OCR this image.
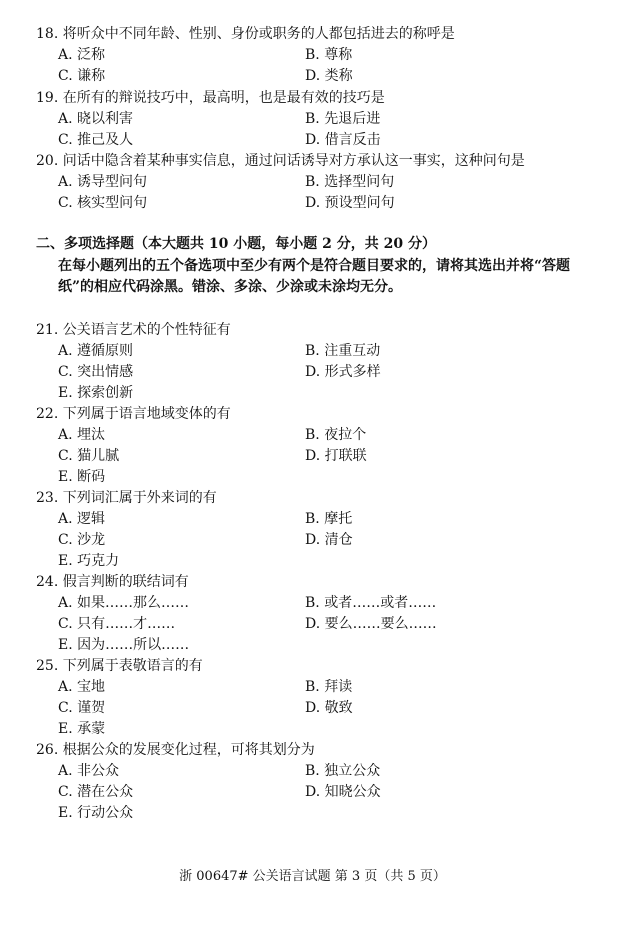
18. 将听众中不同年龄、性别、身份或职务的人都包括进去的称呼是
A. 泛称	B. 尊称
C. 谦称	D. 类称
19. 在所有的辩说技巧中，最高明，也是最有效的技巧是
A. 晓以利害	B. 先退后进
C. 推己及人	D. 借言反击
20. 问话中隐含着某种事实信息，通过问话诱导对方承认这一事实，这种问句是
A. 诱导型问句	B. 选择型问句
C. 核实型问句	D. 预设型问句
二、多项选择题（本大题共 10 小题，每小题 2 分，共 20 分）
在每小题列出的五个备选项中至少有两个是符合题目要求的，请将其选出并将“答题
纸”的相应代码涂黑。错涂、多涂、少涂或未涂均无分。
21. 公关语言艺术的个性特征有
A. 遵循原则	B. 注重互动
C. 突出情感	D. 形式多样
E. 探索创新
22. 下列属于语言地域变体的有
A. 埋汰	B. 夜拉个
C. 猫儿腻	D. 打联联
E. 断码
23. 下列词汇属于外来词的有
A. 逻辑	B. 摩托
C. 沙龙	D. 清仓
E. 巧克力
24. 假言判断的联结词有
A. 如果……那么……	B. 或者……或者……
C. 只有……才……	D. 要么……要么……
E. 因为……所以……
25. 下列属于表敬语言的有
A. 宝地	B. 拜读
C. 谨贺	D. 敬致
E. 承蒙
26. 根据公众的发展变化过程，可将其划分为
A. 非公众	B. 独立公众
C. 潜在公众	D. 知晓公众
E. 行动公众
浙 00647# 公关语言试题 第 3 页（共 5 页）
